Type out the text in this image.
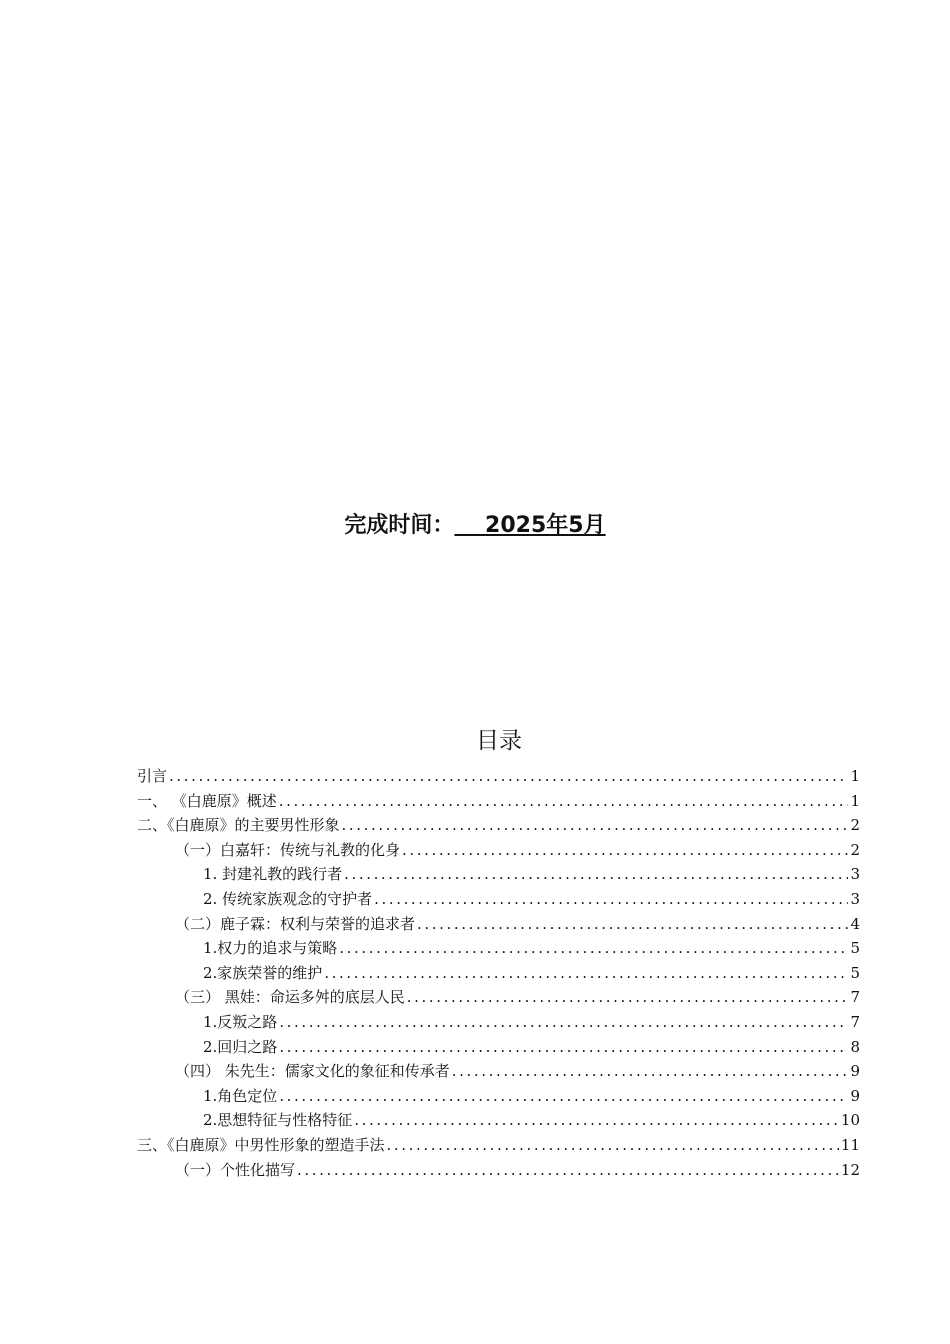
完成时间： 2025年5月
目录
引言 .....	1
一、 《白鹿原》概述 .....	1
二、《白鹿原》的主要男性形象 .....	2
（一）白嘉轩：传统与礼教的化身 .....	2
1. 封建礼教的践行者 .....	3
2. 传统家族观念的守护者 .....	3
（二）鹿子霖：权利与荣誉的追求者 .....	4
1.权力的追求与策略 .....	5
2.家族荣誉的维护 .....	5
（三） 黑娃：命运多舛的底层人民 .....	7
1.反叛之路 .....	7
2.回归之路 .....	8
（四） 朱先生：儒家文化的象征和传承者 .....	9
1.角色定位 .....	9
2.思想特征与性格特征 .....	10
三、《白鹿原》中男性形象的塑造手法 .....	11
（一）个性化描写 .....	12
